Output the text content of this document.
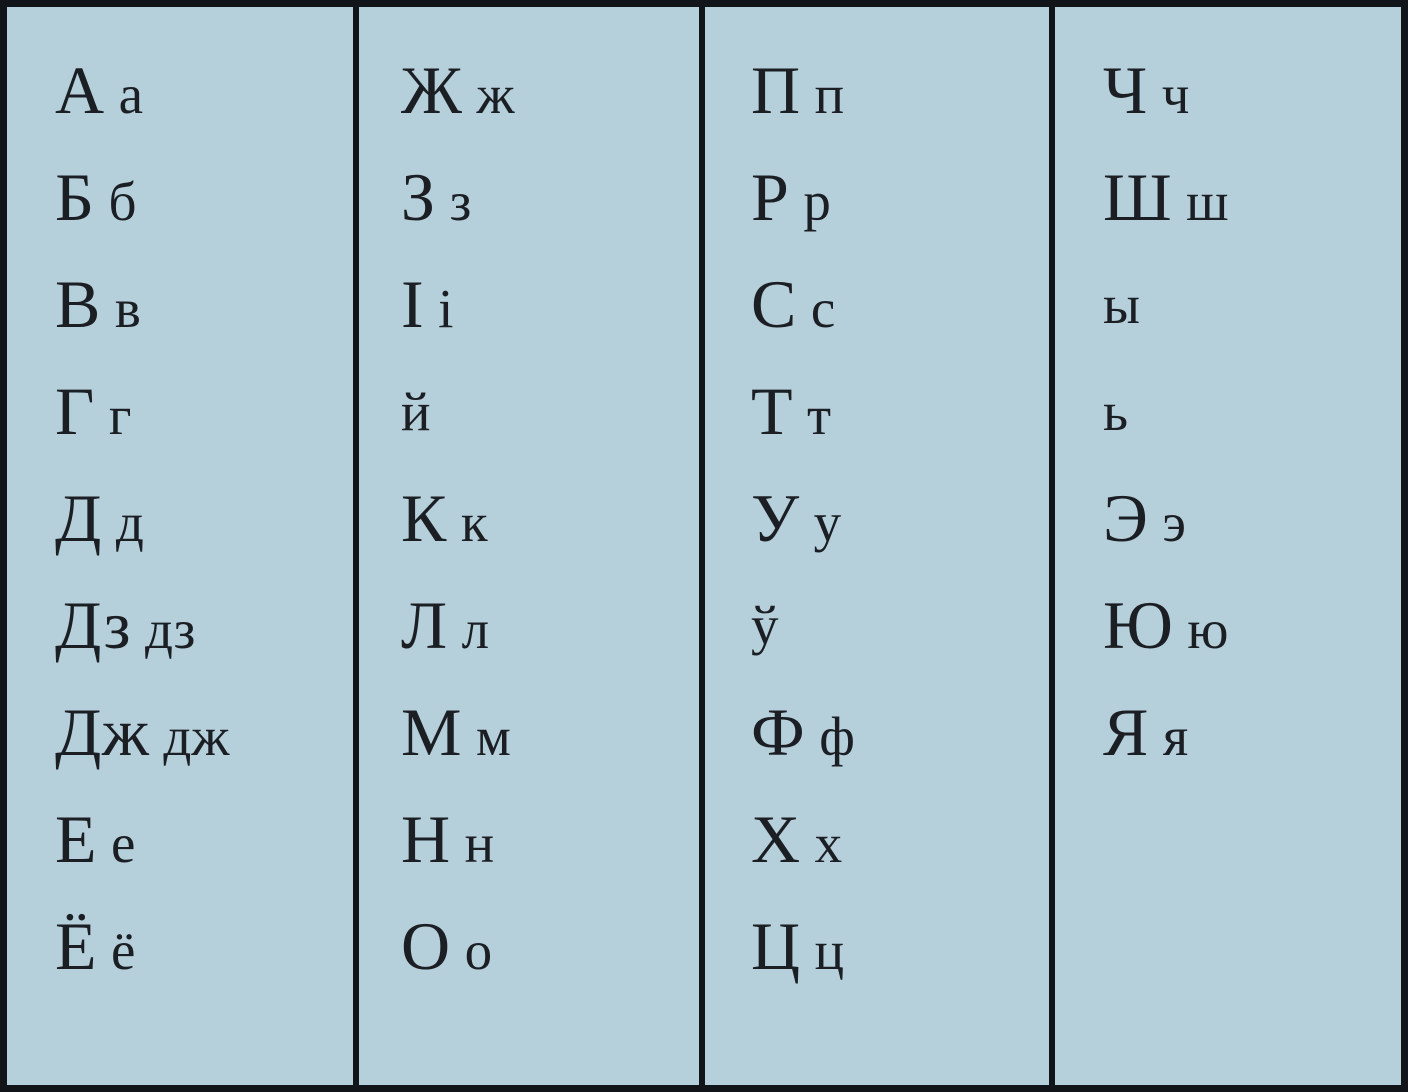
А а
Б б
В в
Г г
Д д
Дз дз
Дж дж
Е е
Ё ё
Ж ж
З з
І і
й
К к
Л л
М м
Н н
О о
П п
Р р
С с
Т т
У у
ў
Ф ф
Х х
Ц ц
Ч ч
Ш ш
ы
ь
Э э
Ю ю
Я я
